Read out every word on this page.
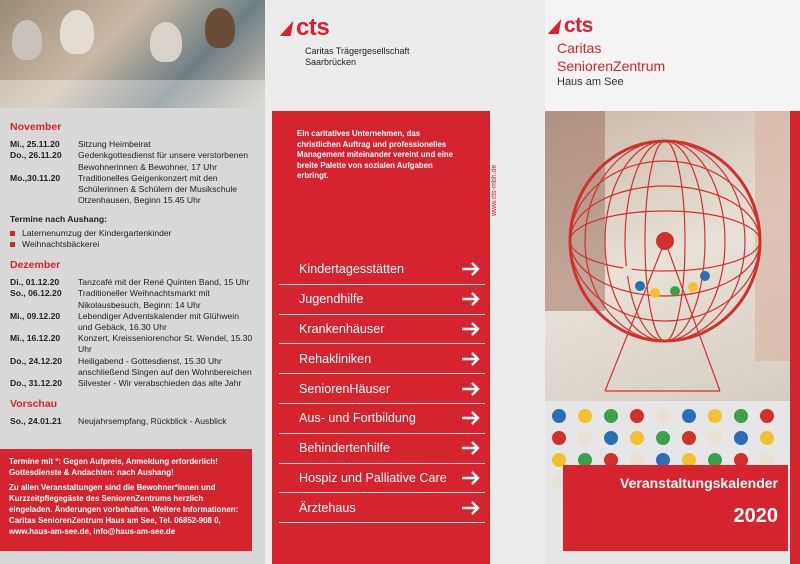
November
Mi., 25.11.20	Sitzung Heimbeirat
Do., 26.11.20	Gedenkgottesdienst für unsere verstorbenen Bewohnerinnen & Bewohner, 17 Uhr
Mo.,30.11.20	Traditionelles Geigenkonzert mit den Schülerinnen & Schülern der Musikschule Otzenhausen, Beginn 15.45 Uhr
Termine nach Aushang:
Laternenumzug der Kindergartenkinder
Weihnachtsbäckerei
Dezember
Di., 01.12.20	Tanzcafé mit der René Quinten Band, 15 Uhr
So., 06.12.20	Traditioneller Weihnachtsmarkt mit Nikolausbesuch, Beginn: 14 Uhr
Mi., 09.12.20	Lebendiger Adventskalender mit Glühwein und Gebäck, 16.30 Uhr
Mi., 16.12.20	Konzert, Kreisseniorenchor St. Wendel, 15.30 Uhr
Do., 24.12.20	Heiligabend - Gottesdienst, 15.30 Uhr anschließend Singen auf den Wohnbereichen
Do., 31.12.20	Silvester - Wir verabschieden das alte Jahr
Vorschau
So., 24.01.21	Neujahrsempfang, Rückblick - Ausblick

Termine mit *: Gegen Aufpreis, Anmeldung erforderlich! Gottesdienste & Andachten: nach Aushang!

Zu allen Veranstaltungen sind die Bewohner*innen und Kurzzeitpflegegäste des SeniorenZentrums herzlich eingeladen. Änderungen vorbehalten. Weitere Informationen: Caritas SeniorenZentrum Haus am See, Tel. 06852-908 0, www.haus-am-see.de, info@haus-am-see.de

cts
Caritas Trägergesellschaft
Saarbrücken
Ein caritatives Unternehmen, das christlichen Auftrag und professionelles Management miteinander vereint und eine breite Palette von sozialen Aufgaben erbringt.
Kindertagesstätten
Jugendhilfe
Krankenhäuser
Rehakliniken
SeniorenHäuser
Aus- und Fortbildung
Behindertenhilfe
Hospiz und Palliative Care
Ärztehaus
www.cts-mbh.de
cts
Caritas
SeniorenZentrum
Haus am See
Veranstaltungskalender
2020
